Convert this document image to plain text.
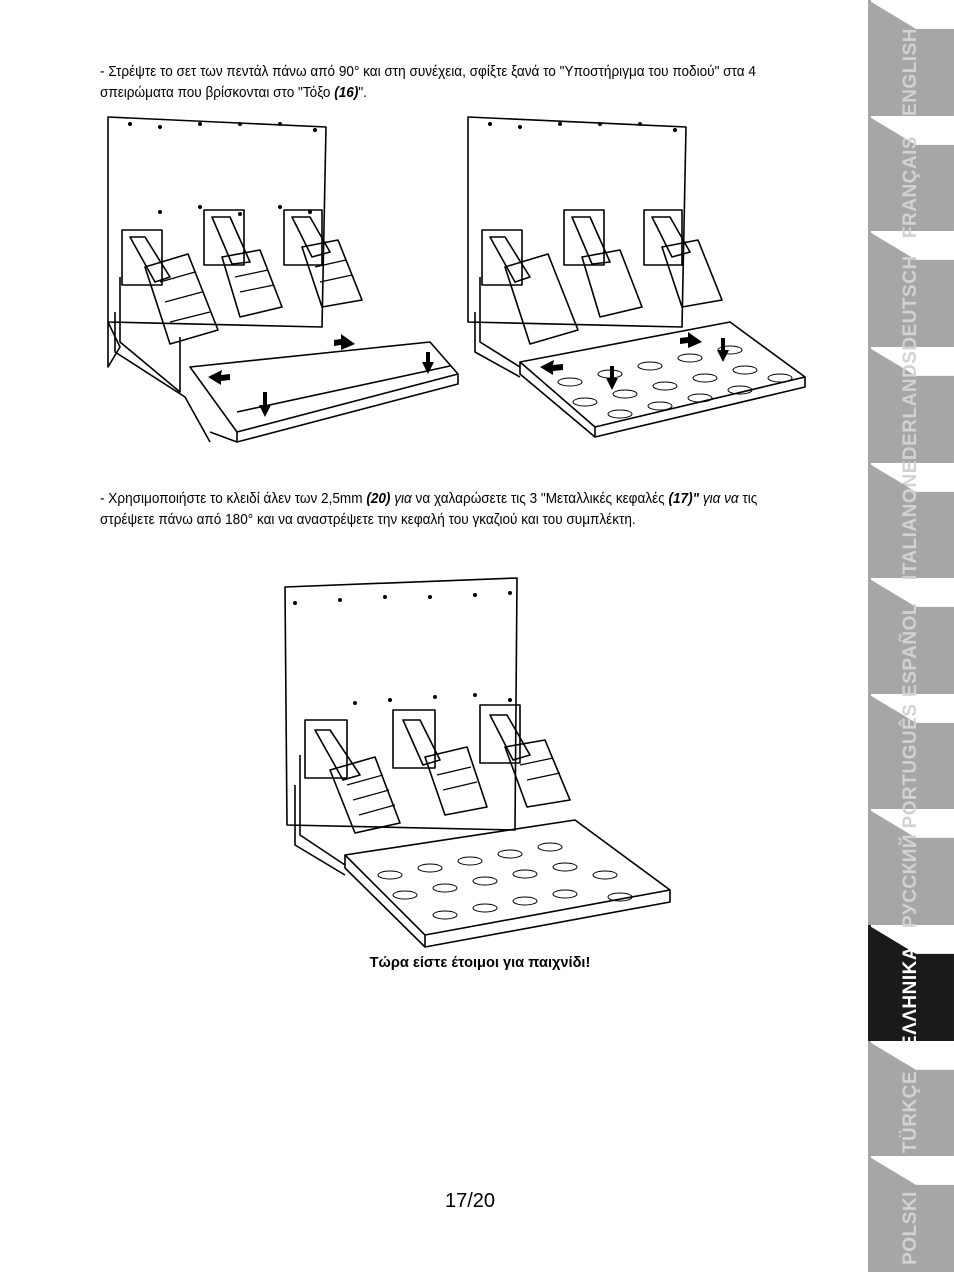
- Στρέψτε το σετ των πεντάλ πάνω από 90° και στη συνέχεια, σφίξτε ξανά το "Υποστήριγμα του ποδιού" στα 4 σπειρώματα που βρίσκονται στο "Τόξο (16)".
- Χρησιμοποιήστε το κλειδί άλεν των 2,5mm (20) για να χαλαρώσετε τις 3 "Μεταλλικές κεφαλές (17)" για να τις στρέψετε πάνω από 180° και να αναστρέψετε την κεφαλή του γκαζιού και του συμπλέκτη.
Τώρα είστε έτοιμοι για παιχνίδι!
17/20
ENGLISH
FRANÇAIS
DEUTSCH
NEDERLANDS
ITALIANO
ESPAÑOL
PORTUGUÊS
РУССКИЙ
ΕΛΛΗΝΙΚΑ
TÜRKÇE
POLSKI
